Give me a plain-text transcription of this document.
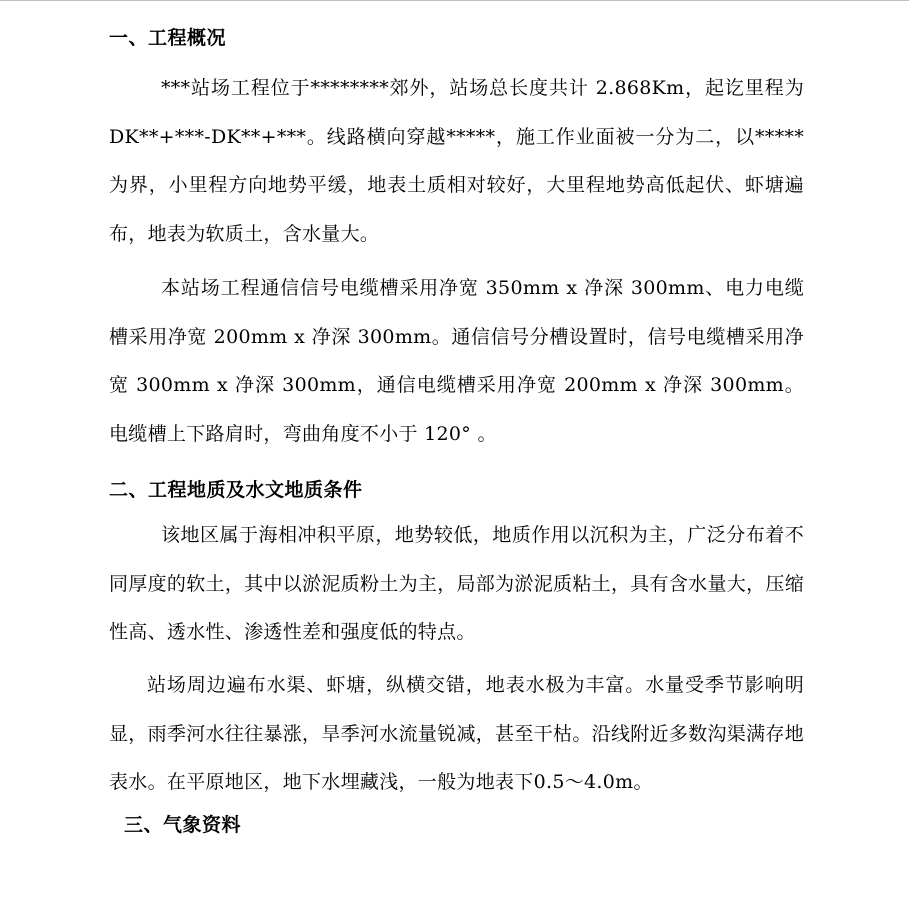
一、工程概况

***站场工程位于********郊外，站场总长度共计 2.868Km，起讫里程为 DK**+***-DK**+***。线路横向穿越*****，施工作业面被一分为二，以*****为界，小里程方向地势平缓，地表土质相对较好，大里程地势高低起伏、虾塘遍布，地表为软质土，含水量大。

本站场工程通信信号电缆槽采用净宽 350mm x 净深 300mm、电力电缆槽采用净宽 200mm x 净深 300mm。通信信号分槽设置时，信号电缆槽采用净宽 300mm x 净深 300mm，通信电缆槽采用净宽 200mm x 净深 300mm。电缆槽上下路肩时，弯曲角度不小于 120° 。

二、工程地质及水文地质条件

该地区属于海相冲积平原，地势较低，地质作用以沉积为主，广泛分布着不同厚度的软土，其中以淤泥质粉土为主，局部为淤泥质粘土，具有含水量大，压缩性高、透水性、渗透性差和强度低的特点。

站场周边遍布水渠、虾塘，纵横交错，地表水极为丰富。水量受季节影响明显，雨季河水往往暴涨，旱季河水流量锐减，甚至干枯。沿线附近多数沟渠满存地表水。在平原地区，地下水埋藏浅，一般为地表下0.5～4.0m。

三、气象资料
